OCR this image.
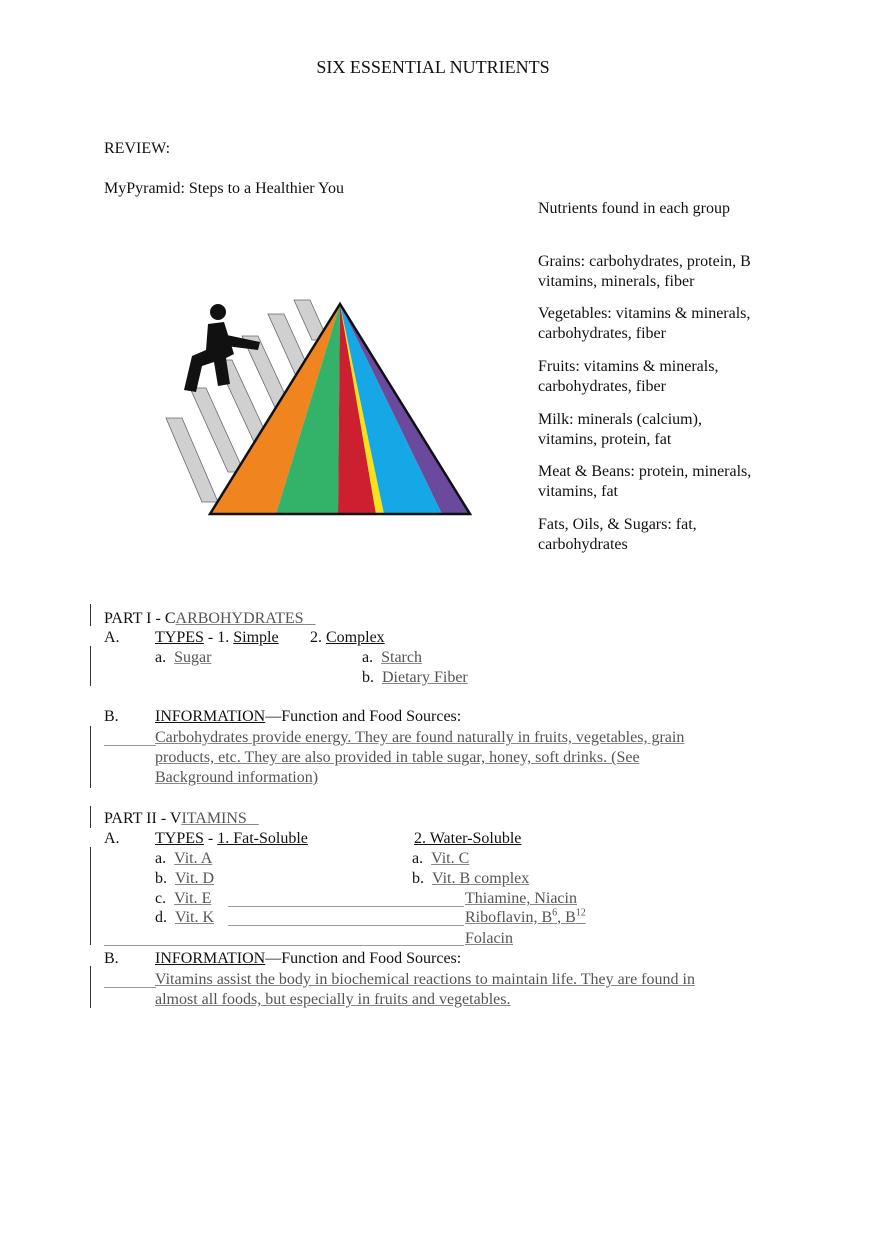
SIX ESSENTIAL NUTRIENTS
REVIEW:
MyPyramid: Steps to a Healthier You
Nutrients found in each group
Grains: carbohydrates, protein, B
vitamins, minerals, fiber
Vegetables: vitamins & minerals,
carbohydrates, fiber
Fruits: vitamins & minerals,
carbohydrates, fiber
Milk: minerals (calcium),
vitamins, protein, fat
Meat & Beans: protein, minerals,
vitamins, fat
Fats, Oils, & Sugars: fat,
carbohydrates
PART I - CARBOHYDRATES
A. TYPES - 1. Simple 2. Complex
a. Sugar	a. Starch
b. Dietary Fiber
B. INFORMATION—Function and Food Sources:
Carbohydrates provide energy. They are found naturally in fruits, vegetables, grain
products, etc. They are also provided in table sugar, honey, soft drinks. (See
Background information)
PART II - VITAMINS
A. TYPES - 1. Fat-Soluble	2. Water-Soluble
a. Vit. A
b. Vit. D
c. Vit. E
d. Vit. K
a. Vit. C
b. Vit. B complex
Thiamine, Niacin
Riboflavin, $B^6$, $B^{12}$
Folacin
B. INFORMATION—Function and Food Sources:
Vitamins assist the body in biochemical reactions to maintain life. They are found in
almost all foods, but especially in fruits and vegetables.
